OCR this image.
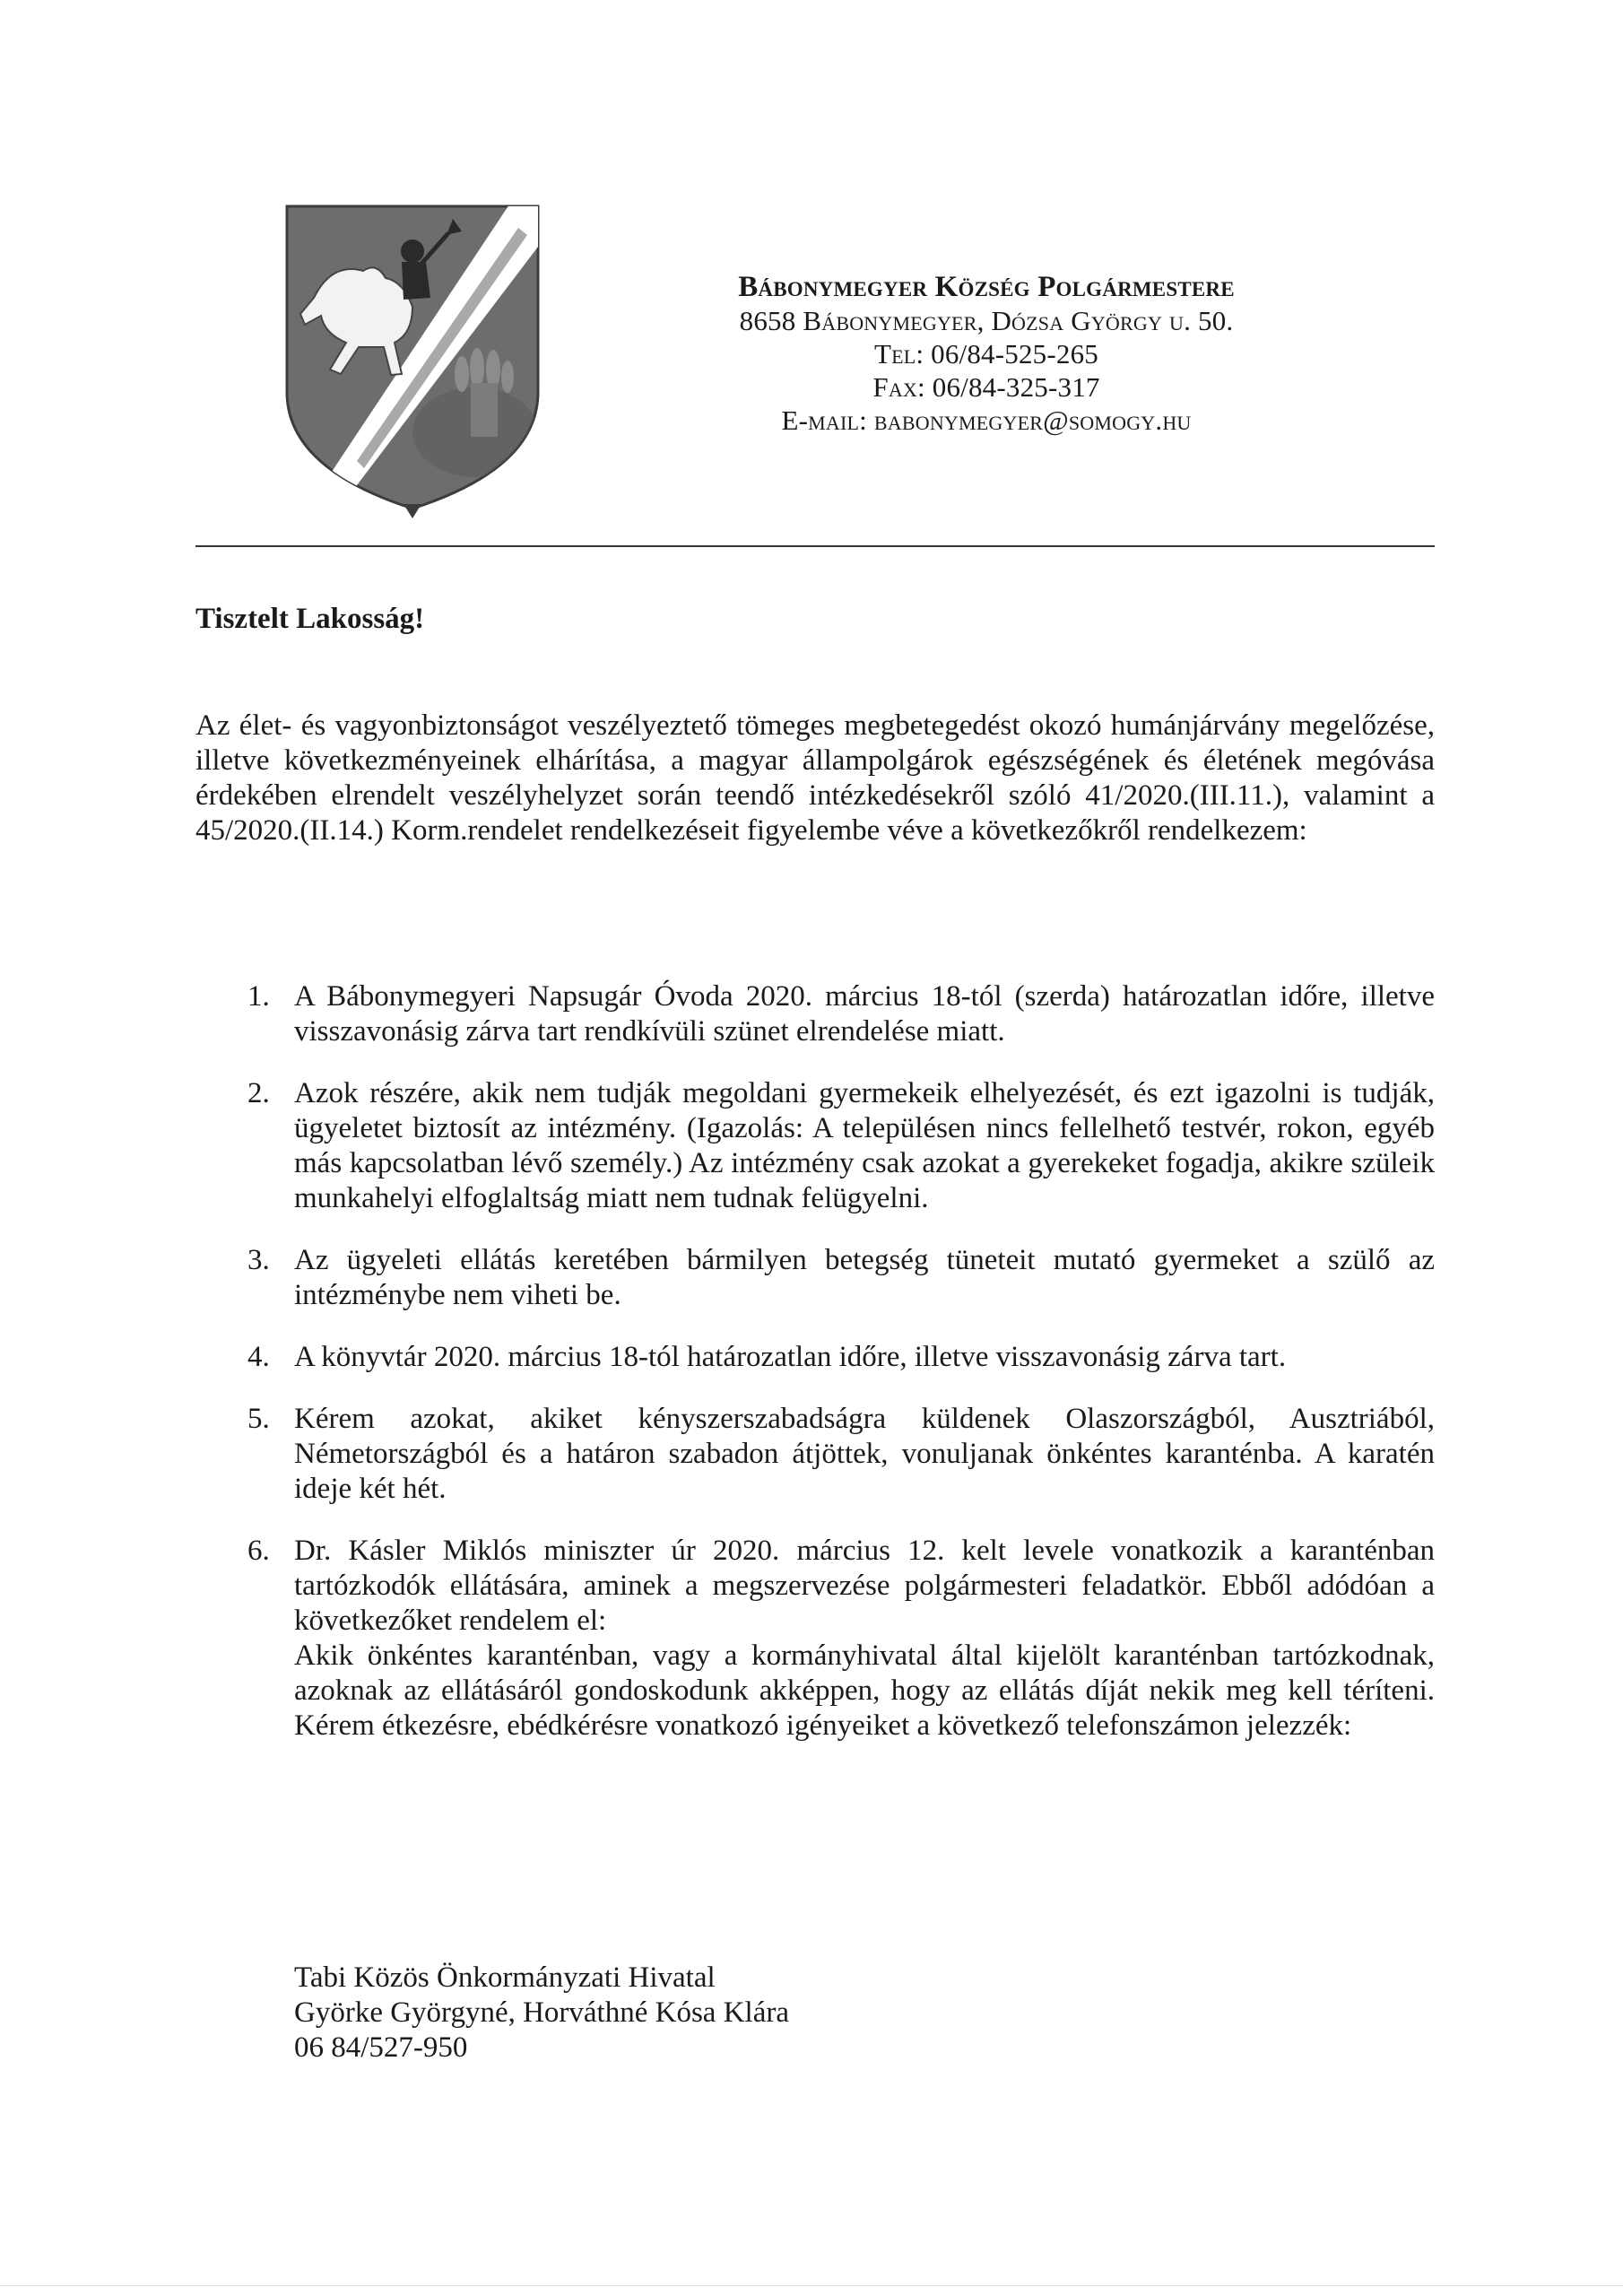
Bábonymegyer Község Polgármestere
8658 Bábonymegyer, Dózsa György u. 50.
Tel: 06/84-525-265
Fax: 06/84-325-317
E-mail: babonymegyer@somogy.hu
Tisztelt Lakosság!
Az élet- és vagyonbiztonságot veszélyeztető tömeges megbetegedést okozó humánjárvány megelőzése, illetve következményeinek elhárítása, a magyar állampolgárok egészségének és életének megóvása érdekében elrendelt veszélyhelyzet során teendő intézkedésekről szóló 41/2020.(III.11.), valamint a 45/2020.(II.14.) Korm.rendelet rendelkezéseit figyelembe véve a következőkről rendelkezem:
1. A Bábonymegyeri Napsugár Óvoda 2020. március 18-tól (szerda) határozatlan időre, illetve visszavonásig zárva tart rendkívüli szünet elrendelése miatt.
2. Azok részére, akik nem tudják megoldani gyermekeik elhelyezését, és ezt igazolni is tudják, ügyeletet biztosít az intézmény. (Igazolás: A településen nincs fellelhető testvér, rokon, egyéb más kapcsolatban lévő személy.) Az intézmény csak azokat a gyerekeket fogadja, akikre szüleik munkahelyi elfoglaltság miatt nem tudnak felügyelni.
3. Az ügyeleti ellátás keretében bármilyen betegség tüneteit mutató gyermeket a szülő az intézménybe nem viheti be.
4. A könyvtár 2020. március 18-tól határozatlan időre, illetve visszavonásig zárva tart.
5. Kérem azokat, akiket kényszerszabadságra küldenek Olaszországból, Ausztriából, Németországból és a határon szabadon átjöttek, vonuljanak önkéntes karanténba. A karatén ideje két hét.
6. Dr. Kásler Miklós miniszter úr 2020. március 12. kelt levele vonatkozik a karanténban tartózkodók ellátására, aminek a megszervezése polgármesteri feladatkör. Ebből adódóan a következőket rendelem el:
Akik önkéntes karanténban, vagy a kormányhivatal által kijelölt karanténban tartózkodnak, azoknak az ellátásáról gondoskodunk akképpen, hogy az ellátás díját nekik meg kell téríteni. Kérem étkezésre, ebédkérésre vonatkozó igényeiket a következő telefonszámon jelezzék:
Tabi Közös Önkormányzati Hivatal
Györke Györgyné, Horváthné Kósa Klára
06 84/527-950
